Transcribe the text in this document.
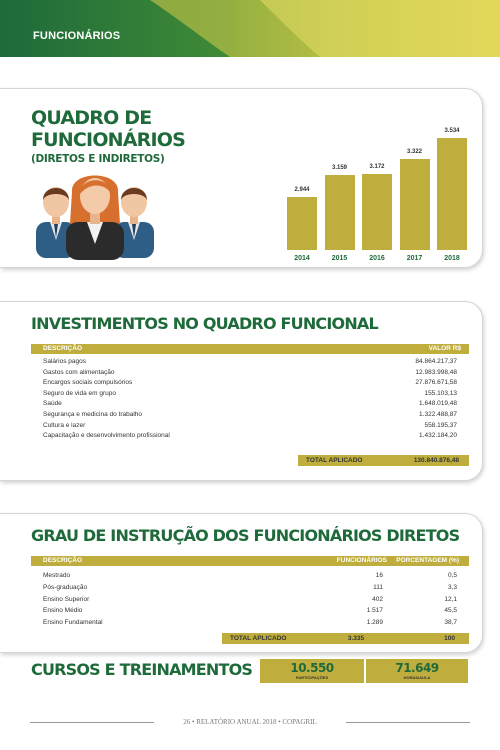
FUNCIONÁRIOS
QUADRO DE
FUNCIONÁRIOS
(DIRETOS E INDIRETOS)
2.944
2014
3.159
2015
3.172
2016
3.322
2017
3.534
2018
INVESTIMENTOS NO QUADRO FUNCIONAL
DESCRIÇÃO	VALOR R$
Salários pagos	84.864.217,37
Gastos com alimentação	12.983.998,48
Encargos sociais compulsórios	27.876.671,58
Seguro de vida em grupo	155.103,13
Saúde	1.648.019,48
Segurança e medicina do trabalho	1.322.488,87
Cultura e lazer	558.195,37
Capacitação e desenvolvimento profissional	1.432.184,20
TOTAL APLICADO	130.840.876,48
GRAU DE INSTRUÇÃO DOS FUNCIONÁRIOS DIRETOS
DESCRIÇÃO	FUNCIONÁRIOS PORCENTAGEM (%)
Mestrado	16	0,5
Pós-graduação	111	3,3
Ensino Superior	402	12,1
Ensino Médio	1.517	45,5
Ensino Fundamental	1.289	38,7
TOTAL APLICADO	3.335	100
CURSOS E TREINAMENTOS	10.550
PARTICIPAÇÕES
71.649
HORAS/AULA
26 • RELATÓRIO ANUAL 2018 • COPAGRIL
